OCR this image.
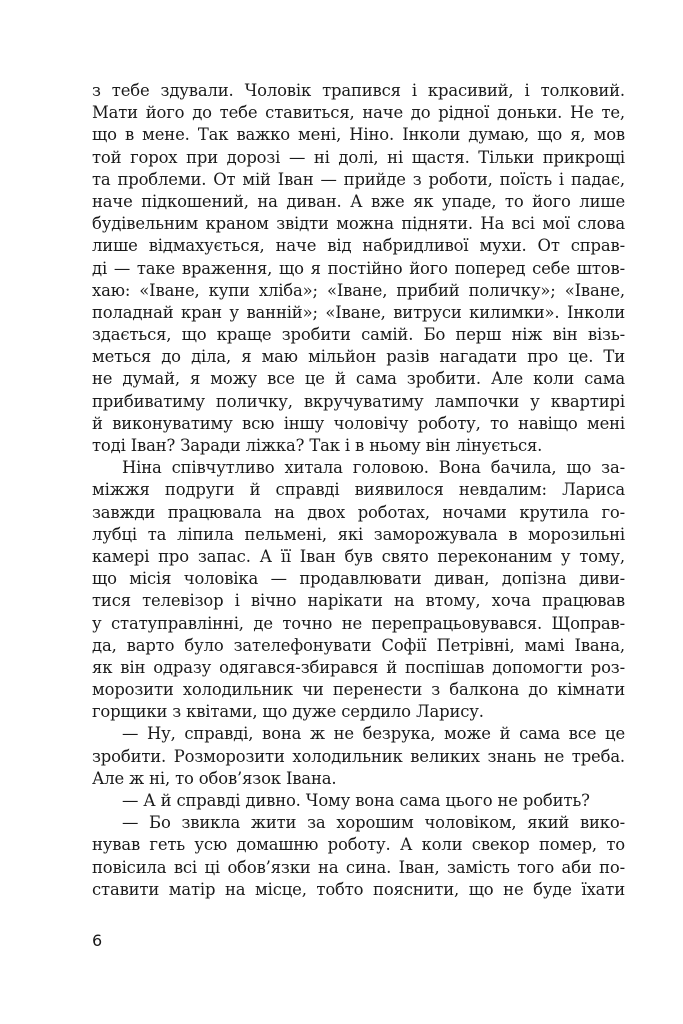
з тебе здували. Чоловік трапився і красивий, і толковий.
Мати його до тебе ставиться, наче до рідної доньки. Не те,
що в мене. Так важко мені, Ніно. Інколи думаю, що я, мов
той горох при дорозі — ні долі, ні щастя. Тільки прикрощі
та проблеми. От мій Іван — прийде з роботи, поїсть і падає,
наче підкошений, на диван. А вже як упаде, то його лише
будівельним краном звідти можна підняти. На всі мої слова
лише відмахується, наче від набридливої мухи. От справ-
ді — таке враження, що я постійно його поперед себе штов-
хаю: «Іване, купи хліба»; «Іване, прибий поличку»; «Іване,
поладнай кран у ванній»; «Іване, витруси килимки». Інколи
здається, що краще зробити самій. Бо перш ніж він візь-
меться до діла, я маю мільйон разів нагадати про це. Ти
не думай, я можу все це й сама зробити. Але коли сама
прибиватиму поличку, вкручуватиму лампочки у квартирі
й виконуватиму всю іншу чоловічу роботу, то навіщо мені
тоді Іван? Заради ліжка? Так і в ньому він лінується.
Ніна співчутливо хитала головою. Вона бачила, що за-
міжжя подруги й справді виявилося невдалим: Лариса
завжди працювала на двох роботах, ночами крутила го-
лубці та ліпила пельмені, які заморожувала в морозильні
камері про запас. А її Іван був свято переконаним у тому,
що місія чоловіка — продавлювати диван, допізна диви-
тися телевізор і вічно нарікати на втому, хоча працював
у статуправлінні, де точно не перепрацьовувався. Щоправ-
да, варто було зателефонувати Софії Петрівні, мамі Івана,
як він одразу одягався-збирався й поспішав допомогти роз-
морозити холодильник чи перенести з балкона до кімнати
горщики з квітами, що дуже сердило Ларису.
— Ну, справді, вона ж не безрука, може й сама все це
зробити. Розморозити холодильник великих знань не треба.
Але ж ні, то обов’язок Івана.
— А й справді дивно. Чому вона сама цього не робить?
— Бо звикла жити за хорошим чоловіком, який вико-
нував геть усю домашню роботу. А коли свекор помер, то
повісила всі ці обов’язки на сина. Іван, замість того аби по-
ставити матір на місце, тобто пояснити, що не буде їхати
6
